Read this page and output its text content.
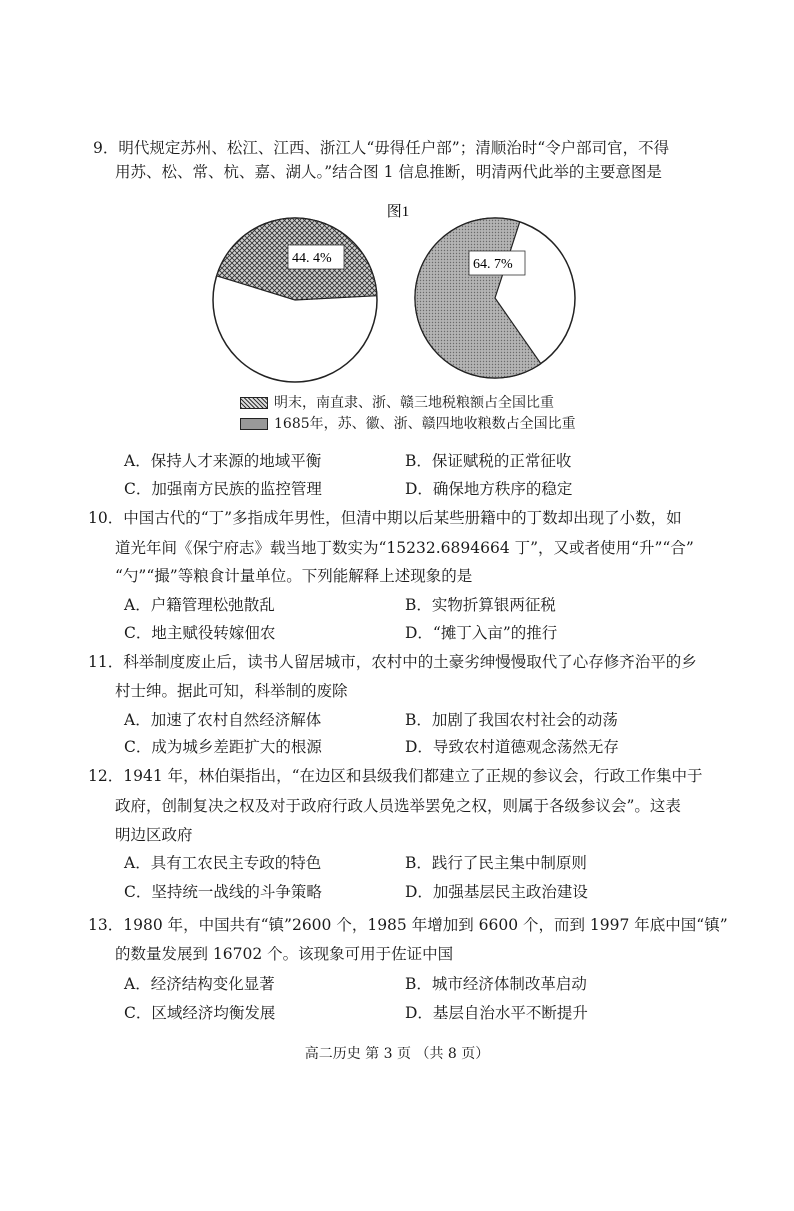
9．明代规定苏州、松江、江西、浙江人“毋得任户部”；清顺治时“令户部司官，不得
用苏、松、常、杭、嘉、湖人。”结合图 1 信息推断，明清两代此举的主要意图是
图1
44. 4%	64. 7%
明末，南直隶、浙、赣三地税粮额占全国比重
1685年，苏、徽、浙、赣四地收粮数占全国比重
A．保持人才来源的地域平衡	B．保证赋税的正常征收
C．加强南方民族的监控管理	D．确保地方秩序的稳定
10．中国古代的“丁”多指成年男性，但清中期以后某些册籍中的丁数却出现了小数，如
道光年间《保宁府志》载当地丁数实为“15232.6894664 丁”，又或者使用“升”“合”
“勺”“撮”等粮食计量单位。下列能解释上述现象的是
A．户籍管理松弛散乱	B．实物折算银两征税
C．地主赋役转嫁佃农	D．“摊丁入亩”的推行
11．科举制度废止后，读书人留居城市，农村中的土豪劣绅慢慢取代了心存修齐治平的乡
村士绅。据此可知，科举制的废除
A．加速了农村自然经济解体	B．加剧了我国农村社会的动荡
C．成为城乡差距扩大的根源	D．导致农村道德观念荡然无存
12．1941 年，林伯渠指出，“在边区和县级我们都建立了正规的参议会，行政工作集中于
政府，创制复决之权及对于政府行政人员选举罢免之权，则属于各级参议会”。这表
明边区政府
A．具有工农民主专政的特色	B．践行了民主集中制原则
C．坚持统一战线的斗争策略	D．加强基层民主政治建设
13．1980 年，中国共有“镇”2600 个，1985 年增加到 6600 个，而到 1997 年底中国“镇”
的数量发展到 16702 个。该现象可用于佐证中国
A．经济结构变化显著	B．城市经济体制改革启动
C．区域经济均衡发展	D．基层自治水平不断提升
高二历史 第 3 页 （共 8 页）
